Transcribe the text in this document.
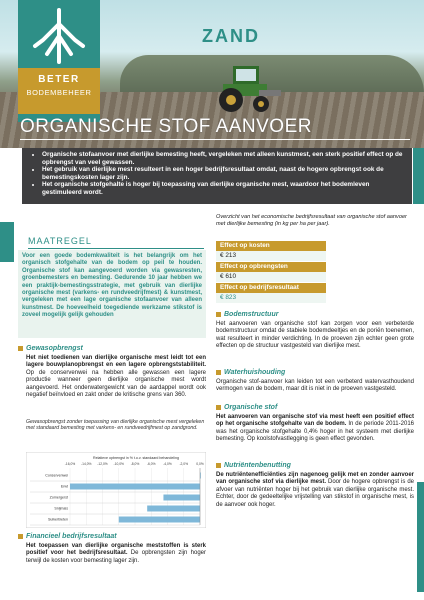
BETER
BODEMBEHEER
ZAND
ORGANISCHE STOF AANVOER
• Organische stofaanvoer met dierlijke bemesting heeft, vergeleken met alleen kunstmest, een sterk positief effect op de opbrengst van veel gewassen.
• Het gebruik van dierlijke mest resulteert in een hoger bedrijfsresultaat omdat, naast de hogere opbrengst ook de bemestingskosten lager zijn.
• Het organische stofgehalte is hoger bij toepassing van dierlijke organische mest, waardoor het bodemleven gestimuleerd wordt.
MAATREGEL

Voor een goede bodemkwaliteit is het belangrijk om het organisch stofgehalte van de bodem op peil te houden. Organische stof kan aangevoerd worden via gewasresten, groenbemesters en bemesting. Gedurende 10 jaar hebben we een praktijk-bemestingsstrategie, met gebruik van dierlijke organische mest (varkens- en rundveedrijfmest) & kunstmest, vergeleken met een lage organische stofaanvoer van alleen kunstmest. De hoeveelheid toegediende werkzame stikstof is zoveel mogelijk gelijk gehouden

Gewasopbrengst
Het niet toedienen van dierlijke organische mest leidt tot een lagere bouwplanopbrengst en een lagere opbrengststabiliteit. Op de conservenwei na hebben alle gewassen een lagere productie wanneer geen dierlijke organische mest wordt aangevoerd. Het onderwatergewicht van de aardappel wordt ook negatief beïnvloed en zakt onder de kritische grens van 360.
Gewasopbrengst zonder toepassing van dierlijke organische mest vergeleken met standaard bemesting met varkens- en rundveedrijfmest op zandgrond.
Relatieve opbrengst in % t.o.v. standaard behandeling
-16,0% -14,0% -12,0% -10,0% -8,0% -6,0% -4,0% -2,0% 0,0%
Conservenwei
Erwt
Zomergerst
Snijmais
Suikerbieten
Financieel bedrijfsresultaat
Het toepassen van dierlijke organische meststoffen is sterk positief voor het bedrijfsresultaat. De opbrengsten zijn hoger terwijl de kosten voor bemesting lager zijn.
Overzicht van het economische bedrijfsresultaat van organische stof aanvoer met dierlijke bemesting (in kg per ha per jaar).
Effect op kosten
€ 213
Effect op opbrengsten
€ 610
Effect op bedrijfsresultaat
€ 823
Bodemstructuur
Het aanvoeren van organische stof kan zorgen voor een verbeterde bodemstructuur omdat de stabiele bodemdeeltjes en de poriën toenemen, wat resulteert in minder verdichting. In de proeven zijn echter geen grote effecten op de structuur vastgesteld van dierlijke mest.
Waterhuishouding
Organische stof-aanvoer kan leiden tot een verbeterd watervasthoudend vermogen van de bodem, maar dit is niet in de proeven vastgesteld.
Organische stof
Het aanvoeren van organische stof via mest heeft een positief effect op het organische stofgehalte van de bodem. In de periode 2011-2016 was het organische stofgehalte 0,4% hoger in het systeem met dierlijke bemesting. Op koolstofvastlegging is geen effect gevonden.
Nutriëntenbenutting
De nutriëntenefficiënties zijn nagenoeg gelijk met en zonder aanvoer van organische stof via dierlijke mest. Door de hogere opbrengst is de afvoer van nutriënten hoger bij het gebruik van dierlijke organische mest. Echter, door de gedeeltelijke vrijstelling van stikstof in organische mest, is de aanvoer ook hoger.
